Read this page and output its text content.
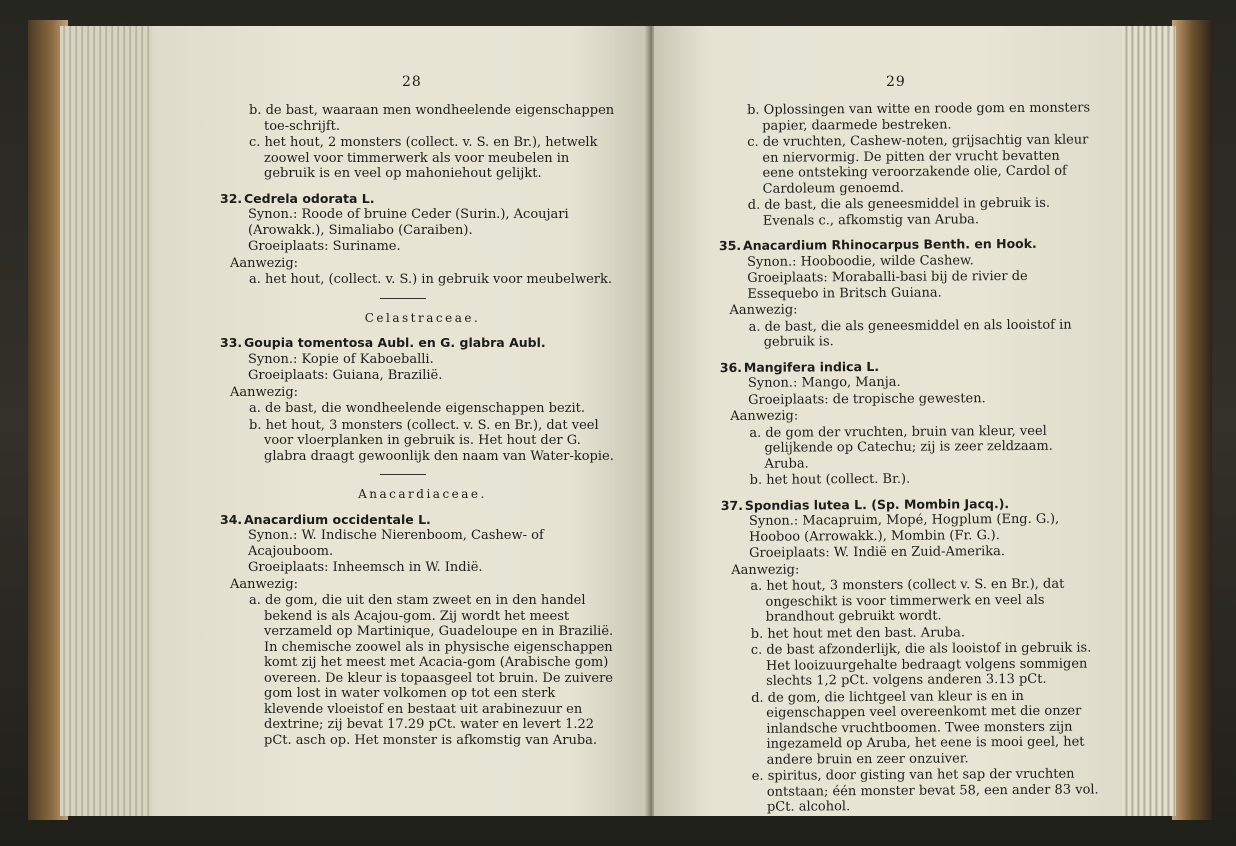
28
b. de bast, waaraan men wondheelende eigenschappen toe-schrijft.
c. het hout, 2 monsters (collect. v. S. en Br.), hetwelk zoowel voor timmerwerk als voor meubelen in gebruik is en veel op mahoniehout gelijkt.
32. Cedrela odorata L.
Synon.: Roode of bruine Ceder (Surin.), Acoujari (Arowakk.), Simaliabo (Caraiben).
Groeiplaats: Suriname.
Aanwezig:
a. het hout, (collect. v. S.) in gebruik voor meubelwerk.
Celastraceae.
33. Goupia tomentosa Aubl. en G. glabra Aubl.
Synon.: Kopie of Kaboeballi.
Groeiplaats: Guiana, Brazilië.
Aanwezig:
a. de bast, die wondheelende eigenschappen bezit.
b. het hout, 3 monsters (collect. v. S. en Br.), dat veel voor vloerplanken in gebruik is. Het hout der G. glabra draagt gewoonlijk den naam van Water-kopie.
Anacardiaceae.
34. Anacardium occidentale L.
Synon.: W. Indische Nierenboom, Cashew- of Acajouboom.
Groeiplaats: Inheemsch in W. Indië.
Aanwezig:
a. de gom, die uit den stam zweet en in den handel bekend is als Acajou-gom. Zij wordt het meest verzameld op Martinique, Guadeloupe en in Brazilië. In chemische zoowel als in physische eigenschappen komt zij het meest met Acacia-gom (Arabische gom) overeen. De kleur is topaasgeel tot bruin. De zuivere gom lost in water volkomen op tot een sterk klevende vloeistof en bestaat uit arabinezuur en dextrine; zij bevat 17.29 pCt. water en levert 1.22 pCt. asch op. Het monster is afkomstig van Aruba.
29
b. Oplossingen van witte en roode gom en monsters papier, daarmede bestreken.
c. de vruchten, Cashew-noten, grijsachtig van kleur en niervormig. De pitten der vrucht bevatten eene ontsteking veroorzakende olie, Cardol of Cardoleum genoemd.
d. de bast, die als geneesmiddel in gebruik is. Evenals c., afkomstig van Aruba.
35. Anacardium Rhinocarpus Benth. en Hook.
Synon.: Hooboodie, wilde Cashew.
Groeiplaats: Moraballi-basi bij de rivier de Essequebo in Britsch Guiana.
Aanwezig:
a. de bast, die als geneesmiddel en als looistof in gebruik is.
36. Mangifera indica L.
Synon.: Mango, Manja.
Groeiplaats: de tropische gewesten.
Aanwezig:
a. de gom der vruchten, bruin van kleur, veel gelijkende op Catechu; zij is zeer zeldzaam. Aruba.
b. het hout (collect. Br.).
37. Spondias lutea L. (Sp. Mombin Jacq.).
Synon.: Macapruim, Mopé, Hogplum (Eng. G.), Hooboo (Arrowakk.), Mombin (Fr. G.).
Groeiplaats: W. Indië en Zuid-Amerika.
Aanwezig:
a. het hout, 3 monsters (collect v. S. en Br.), dat ongeschikt is voor timmerwerk en veel als brandhout gebruikt wordt.
b. het hout met den bast. Aruba.
c. de bast afzonderlijk, die als looistof in gebruik is. Het looizuurgehalte bedraagt volgens sommigen slechts 1,2 pCt. volgens anderen 3.13 pCt.
d. de gom, die lichtgeel van kleur is en in eigenschappen veel overeenkomt met die onzer inlandsche vruchtboomen. Twee monsters zijn ingezameld op Aruba, het eene is mooi geel, het andere bruin en zeer onzuiver.
e. spiritus, door gisting van het sap der vruchten ontstaan; één monster bevat 58, een ander 83 vol. pCt. alcohol.
